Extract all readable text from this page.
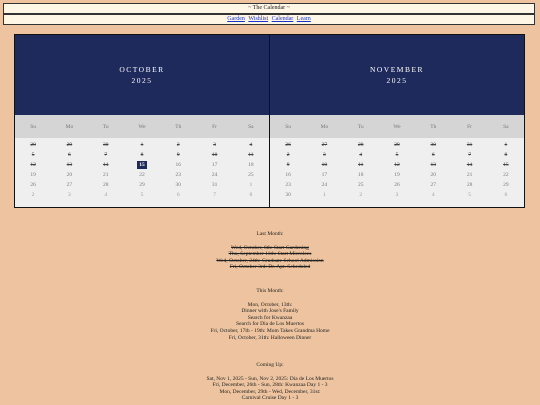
~ The Calendar ~
Garden Wishlist Calendar Learn
OCTOBER
2025
Su	Mo	Tu	We	Th	Fr	Sa
28	29	30	1	2	3	4
5	6	7	8	9	10	11
12	13	14	15	16	17	18
19	20	21	22	23	24	25
26	27	28	29	30	31	1
2	3	4	5	6	7	8
NOVEMBER
2025
Su	Mo	Tu	We	Th	Fr	Sa
26	27	28	29	30	31	1
2	3	4	5	6	7	8
9	10	11	12	13	14	15
16	17	18	19	20	21	22
23	24	25	26	27	28	29
30	1	2	3	4	5	6
Last Month:
Wed, October, 6th: Start Gardening
Thu, September 11th: Start Microlees
Wed, October, 24th: Graduate School Admission
Fri, October 3rd: Dr. Apt. Scheduled
This Month:
Mon, October, 13th:
Dinner with Jose's Family
Search for Kwanzaa
Search for Dia de Los Muertos
Fri, October, 17th - 19th: Mom Takes Grandma Home
Fri, October, 31th: Halloween Dinner
Coming Up:
Sat, Nov 1, 2025 - Sun, Nov 2, 2025: Dia de Los Muertos
Fri, December, 26th - Sun, 28th: Kwanzaa Day 1 - 3
Mon, December, 29th - Wed, December, 31st:
Carnival Cruise Day 1 - 3
